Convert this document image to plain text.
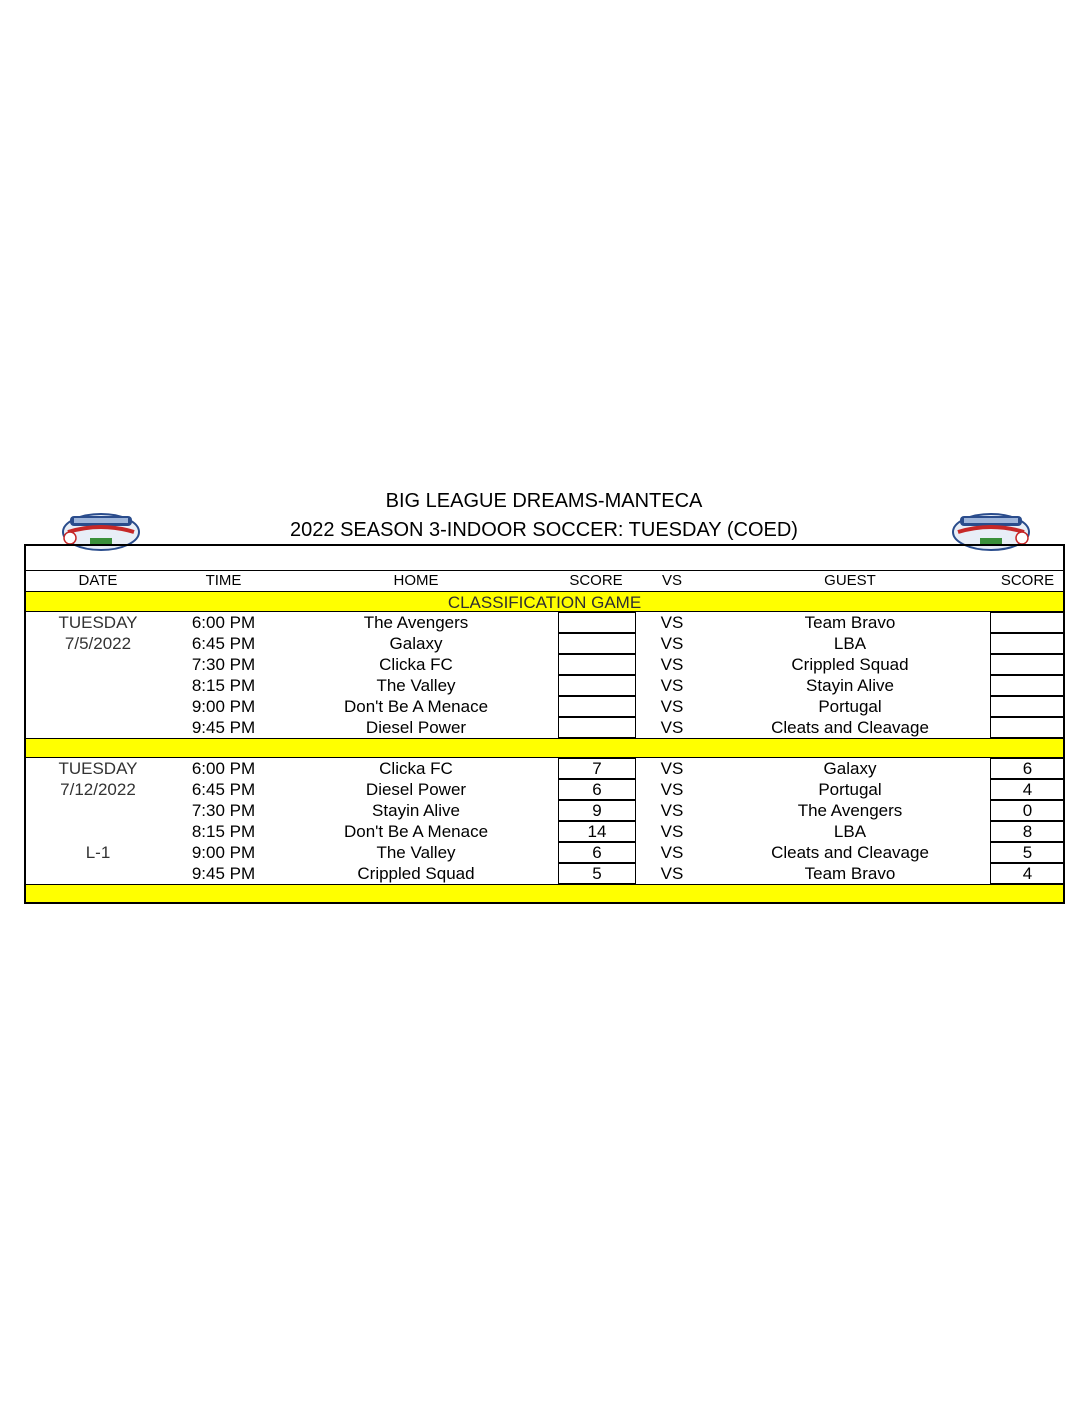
BIG LEAGUE DREAMS-MANTECA
2022 SEASON 3-INDOOR SOCCER: TUESDAY (COED)
DATE	TIME	HOME	SCORE	VS	GUEST	SCORE
CLASSIFICATION GAME
TUESDAY	6:00 PM	The Avengers	VS	Team Bravo
7/5/2022	6:45 PM	Galaxy	VS	LBA
7:30 PM	Clicka FC	VS	Crippled Squad
8:15 PM	The Valley	VS	Stayin Alive
9:00 PM	Don't Be A Menace	VS	Portugal
9:45 PM	Diesel Power	VS	Cleats and Cleavage
TUESDAY	6:00 PM	Clicka FC	7	VS	Galaxy	6
7/12/2022	6:45 PM	Diesel Power	6	VS	Portugal	4
7:30 PM	Stayin Alive	9	VS	The Avengers	0
8:15 PM	Don't Be A Menace	14	VS	LBA	8
L-1	9:00 PM	The Valley	6	VS	Cleats and Cleavage	5
9:45 PM	Crippled Squad	5	VS	Team Bravo	4
